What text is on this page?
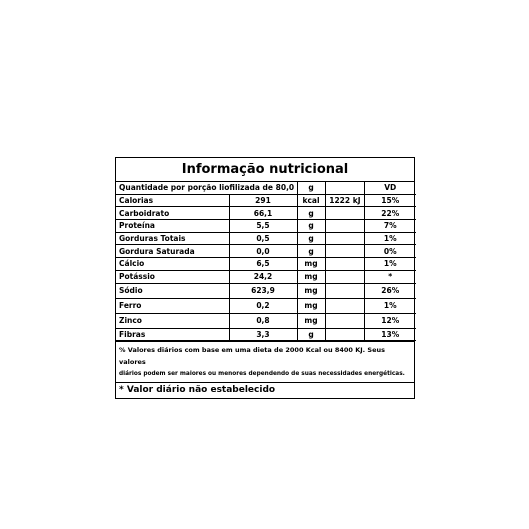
Informação nutricional
Quantidade por porção liofilizada de 80,0		g		VD
Calorias	291	kcal	1222 kJ	15%
Carboidrato	66,1	g		22%
Proteína	5,5	g		7%
Gorduras Totais	0,5	g		1%
Gordura Saturada	0,0	g		0%
Cálcio	6,5	mg		1%
Potássio	24,2	mg		*
Sódio	623,9	mg		26%
Ferro	0,2	mg		1%
Zinco	0,8	mg		12%
Fibras	3,3	g		13%
% Valores diários com base em uma dieta de 2000 Kcal ou 8400 KJ. Seus valores
diários podem ser maiores ou menores dependendo de suas necessidades energéticas.
* Valor diário não estabelecido
